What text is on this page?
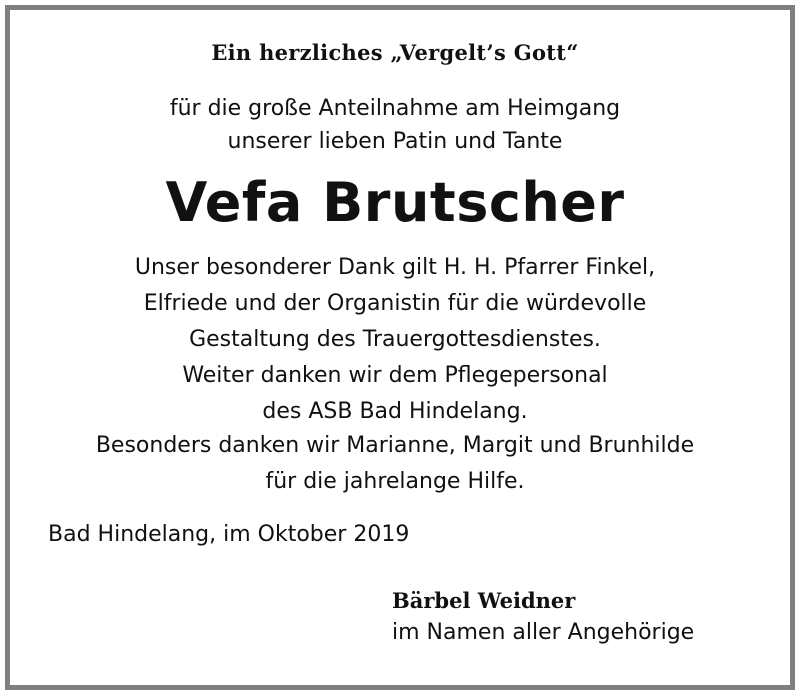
Ein herzliches „Vergelt’s Gott“
für die große Anteilnahme am Heimgang
unserer lieben Patin und Tante
Vefa Brutscher
Unser besonderer Dank gilt H. H. Pfarrer Finkel,
Elfriede und der Organistin für die würdevolle
Gestaltung des Trauergottesdienstes.
Weiter danken wir dem Pflegepersonal
des ASB Bad Hindelang.
Besonders danken wir Marianne, Margit und Brunhilde
für die jahrelange Hilfe.
Bad Hindelang, im Oktober 2019
Bärbel Weidner
im Namen aller Angehörige
